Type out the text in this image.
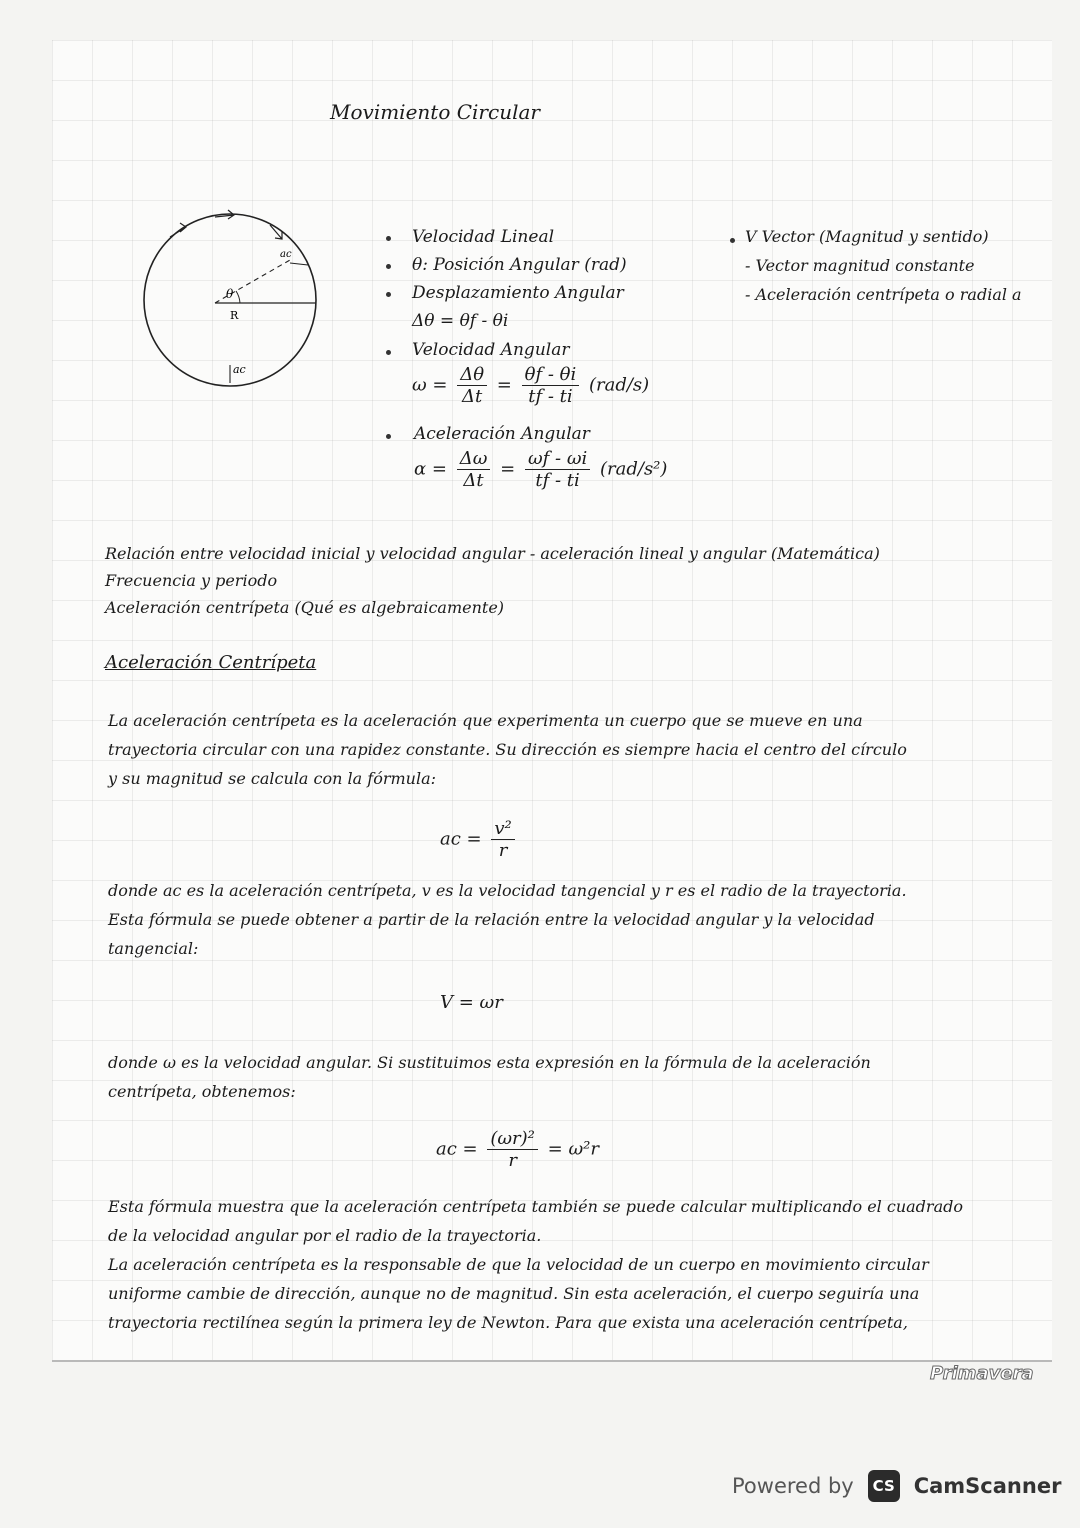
Movimiento Circular
θ
R
ac
ac
Velocidad Lineal
θ: Posición Angular (rad)
Desplazamiento Angular
Δθ = θf - θi
Velocidad Angular
$\omega = \frac{\Delta\theta}{\Delta t} = \frac{\theta f - \theta i}{tf - ti} (rad/s)$
Aceleración Angular
$\alpha = \frac{\Delta\omega}{\Delta t} = \frac{\omega f - \omega i}{tf - ti} (rad/s^2)$
V Vector (Magnitud y sentido)
- Vector magnitud constante
- Aceleración centrípeta o radial a
Relación entre velocidad inicial y velocidad angular - aceleración lineal y angular (Matemática)
Frecuencia y periodo
Aceleración centrípeta (Qué es algebraicamente)
Aceleración Centrípeta
La aceleración centrípeta es la aceleración que experimenta un cuerpo que se mueve en una
trayectoria circular con una rapidez constante. Su dirección es siempre hacia el centro del círculo
y su magnitud se calcula con la fórmula:
ac = $\frac{\text{v²}}{r}$
donde ac es la aceleración centrípeta, v es la velocidad tangencial y r es el radio de la trayectoria.
Esta fórmula se puede obtener a partir de la relación entre la velocidad angular y la velocidad
tangencial:
V = ωr
donde ω es la velocidad angular. Si sustituimos esta expresión en la fórmula de la aceleración
centrípeta, obtenemos:
ac = $\frac{\text{(ωr)²}}{r} = \omega^2r$
Esta fórmula muestra que la aceleración centrípeta también se puede calcular multiplicando el cuadrado
de la velocidad angular por el radio de la trayectoria.
La aceleración centrípeta es la responsable de que la velocidad de un cuerpo en movimiento circular
uniforme cambie de dirección, aunque no de magnitud. Sin esta aceleración, el cuerpo seguiría una
trayectoria rectilínea según la primera ley de Newton. Para que exista una aceleración centrípeta,
Primavera
Powered by	CS CamScanner
